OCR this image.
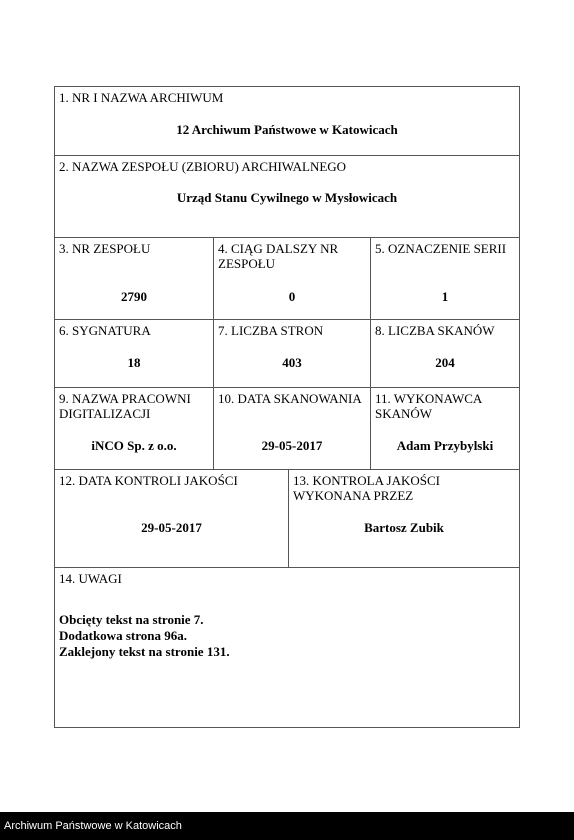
1. NR I NAZWA ARCHIWUM
12 Archiwum Państwowe w Katowicach
2. NAZWA ZESPOŁU (ZBIORU) ARCHIWALNEGO
Urząd Stanu Cywilnego w Mysłowicach
3. NR ZESPOŁU
2790
4. CIĄG DALSZY NR ZESPOŁU
0
5. OZNACZENIE SERII
1
6. SYGNATURA
18
7. LICZBA STRON
403
8. LICZBA SKANÓW
204
9. NAZWA PRACOWNI DIGITALIZACJI
iNCO Sp. z o.o.
10. DATA SKANOWANIA
29-05-2017
11. WYKONAWCA SKANÓW
Adam Przybylski
12. DATA KONTROLI JAKOŚCI
29-05-2017
13. KONTROLA JAKOŚCI WYKONANA PRZEZ
Bartosz Zubik
14. UWAGI
Obcięty tekst na stronie 7.
Dodatkowa strona 96a.
Zaklejony tekst na stronie 131.
Archiwum Państwowe w Katowicach
